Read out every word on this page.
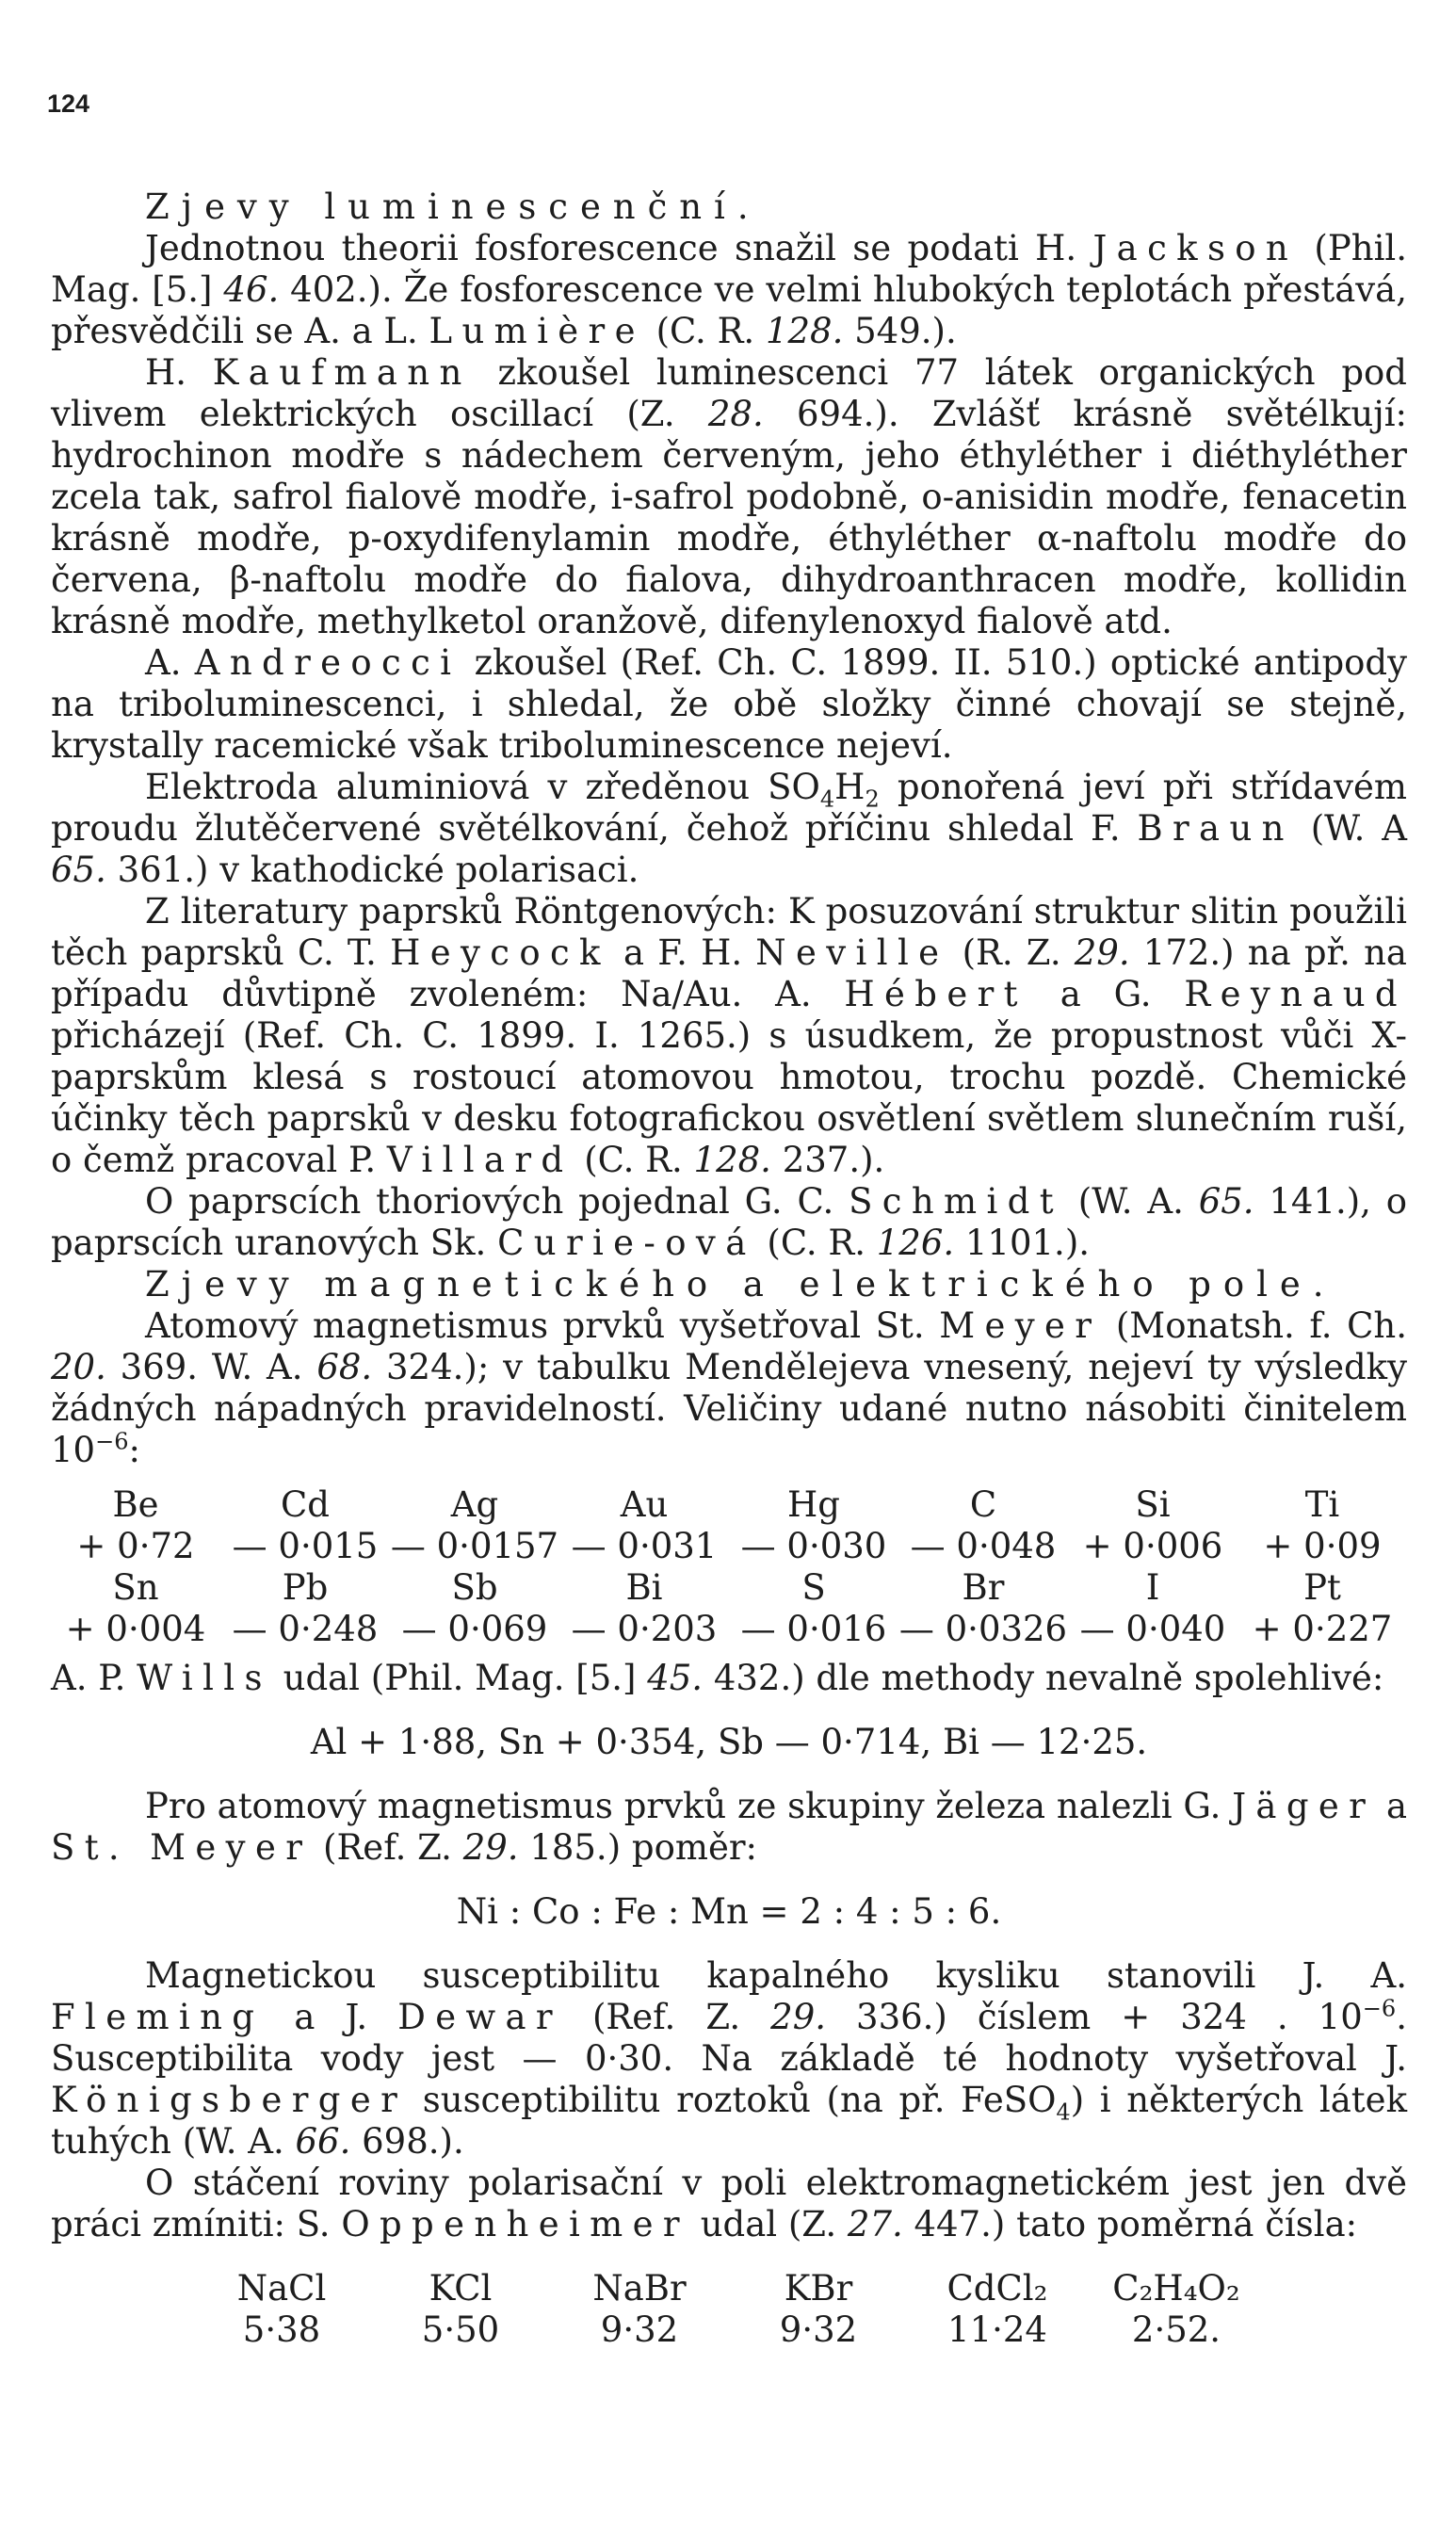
124

Zjevy luminescenční.

Jednotnou theorii fosforescence snažil se podati H. Jackson (Phil. Mag. [5.] 46. 402.). Že fosforescence ve velmi hlubokých teplotách přestává, přesvědčili se A. a L. Lumière (C. R. 128. 549.).

H. Kaufmann zkoušel luminescenci 77 látek organických pod vlivem elektrických oscillací (Z. 28. 694.). Zvlášť krásně světélkují: hydrochinon modře s nádechem červeným, jeho éthyléther i diéthyléther zcela tak, safrol fialově modře, i-safrol podobně, o-anisidin modře, fenacetin krásně modře, p-oxydifenylamin modře, éthyléther α-naftolu modře do červena, β-naftolu modře do fialova, dihydroanthracen modře, kollidin krásně modře, methylketol oranžově, difenylenoxyd fialově atd.

A. Andreocci zkoušel (Ref. Ch. C. 1899. II. 510.) optické antipody na triboluminescenci, i shledal, že obě složky činné chovají se stejně, krystally racemické však triboluminescence nejeví.

Elektroda aluminiová v zředěnou $SO_4H_2$ ponořená jeví při střídavém proudu žlutěčervené světélkování, čehož příčinu shledal F. Braun (W. A 65. 361.) v kathodické polarisaci.

Z literatury paprsků Röntgenových: K posuzování struktur slitin použili těch paprsků C. T. Heycock a F. H. Neville (R. Z. 29. 172.) na př. na případu důvtipně zvoleném: Na/Au. A. Hébert a G. Reynaud přicházejí (Ref. Ch. C. 1899. I. 1265.) s úsudkem, že propustnost vůči X-paprskům klesá s rostoucí atomovou hmotou, trochu pozdě. Chemické účinky těch paprsků v desku fotografickou osvětlení světlem slunečním ruší, o čemž pracoval P. Villard (C. R. 128. 237.).

O paprscích thoriových pojednal G. C. Schmidt (W. A. 65. 141.), o paprscích uranových Sk. Curie-ová (C. R. 126. 1101.).

Zjevy magnetického a elektrického pole.

Atomový magnetismus prvků vyšetřoval St. Meyer (Monatsh. f. Ch. 20. 369. W. A. 68. 324.); v tabulku Mendělejeva vnesený, nejeví ty výsledky žádných nápadných pravidelností. Veličiny udané nutno násobiti činitelem $10^{-6}$:

Be	Cd	Ag	Au	Hg	C	Si	Ti
+ 0·72	— 0·015 — 0·0157 — 0·031 — 0·030 — 0·048 + 0·006	+ 0·09
Sn	Pb	Sb	Bi	S	Br	I	Pt
+ 0·004 — 0·248 — 0·069 — 0·203 — 0·016 — 0·0326 — 0·040 + 0·227

A. P. Wills udal (Phil. Mag. [5.] 45. 432.) dle methody nevalně spolehlivé:

Al + 1·88, Sn + 0·354, Sb — 0·714, Bi — 12·25.

Pro atomový magnetismus prvků ze skupiny železa nalezli G. Jäger a St. Meyer (Ref. Z. 29. 185.) poměr:

Ni : Co : Fe : Mn = 2 : 4 : 5 : 6.

Magnetickou susceptibilitu kapalného kysliku stanovili J. A. Fleming a J. Dewar (Ref. Z. 29. 336.) číslem + 324 . $10^{-6}$. Susceptibilita vody jest — 0·30. Na základě té hodnoty vyšetřoval J. Königsberger susceptibilitu roztoků (na př. FeSO$_4$) i některých látek tuhých (W. A. 66. 698.).

O stáčení roviny polarisační v poli elektromagnetickém jest jen dvě práci zmíniti: S. Oppenheimer udal (Z. 27. 447.) tato poměrná čísla:

NaCl	KCl	NaBr	KBr	CdCl₂	C₂H₄O₂
5·38	5·50	9·32	9·32	11·24	2·52.
